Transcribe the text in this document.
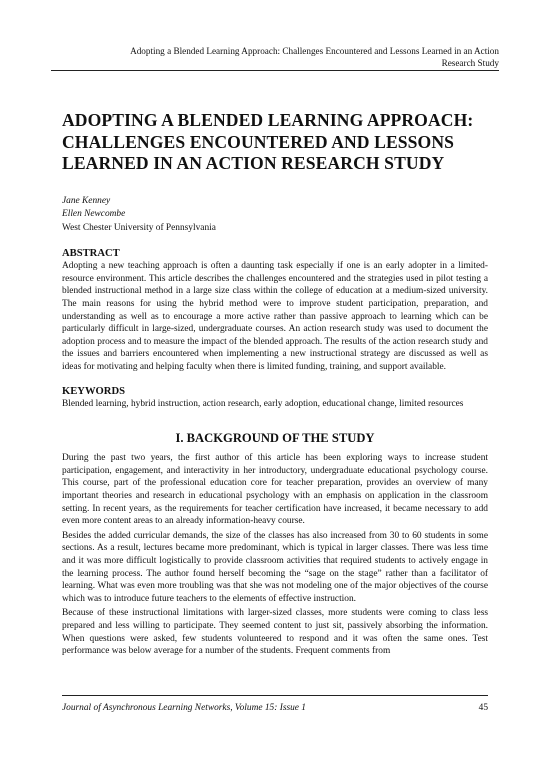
Adopting a Blended Learning Approach: Challenges Encountered and Lessons Learned in an Action
Research Study
ADOPTING A BLENDED LEARNING APPROACH: CHALLENGES ENCOUNTERED AND LESSONS LEARNED IN AN ACTION RESEARCH STUDY
Jane Kenney
Ellen Newcombe
West Chester University of Pennsylvania
ABSTRACT

Adopting a new teaching approach is often a daunting task especially if one is an early adopter in a limited-resource environment. This article describes the challenges encountered and the strategies used in pilot testing a blended instructional method in a large size class within the college of education at a medium-sized university. The main reasons for using the hybrid method were to improve student participation, preparation, and understanding as well as to encourage a more active rather than passive approach to learning which can be particularly difficult in large-sized, undergraduate courses. An action research study was used to document the adoption process and to measure the impact of the blended approach. The results of the action research study and the issues and barriers encountered when implementing a new instructional strategy are discussed as well as ideas for motivating and helping faculty when there is limited funding, training, and support available.

KEYWORDS

Blended learning, hybrid instruction, action research, early adoption, educational change, limited resources

I. BACKGROUND OF THE STUDY

During the past two years, the first author of this article has been exploring ways to increase student participation, engagement, and interactivity in her introductory, undergraduate educational psychology course. This course, part of the professional education core for teacher preparation, provides an overview of many important theories and research in educational psychology with an emphasis on application in the classroom setting. In recent years, as the requirements for teacher certification have increased, it became necessary to add even more content areas to an already information-heavy course.

Besides the added curricular demands, the size of the classes has also increased from 30 to 60 students in some sections. As a result, lectures became more predominant, which is typical in larger classes. There was less time and it was more difficult logistically to provide classroom activities that required students to actively engage in the learning process. The author found herself becoming the “sage on the stage” rather than a facilitator of learning. What was even more troubling was that she was not modeling one of the major objectives of the course which was to introduce future teachers to the elements of effective instruction.

Because of these instructional limitations with larger-sized classes, more students were coming to class less prepared and less willing to participate. They seemed content to just sit, passively absorbing the information. When questions were asked, few students volunteered to respond and it was often the same ones. Test performance was below average for a number of the students. Frequent comments from

Journal of Asynchronous Learning Networks, Volume 15: Issue 1	45
